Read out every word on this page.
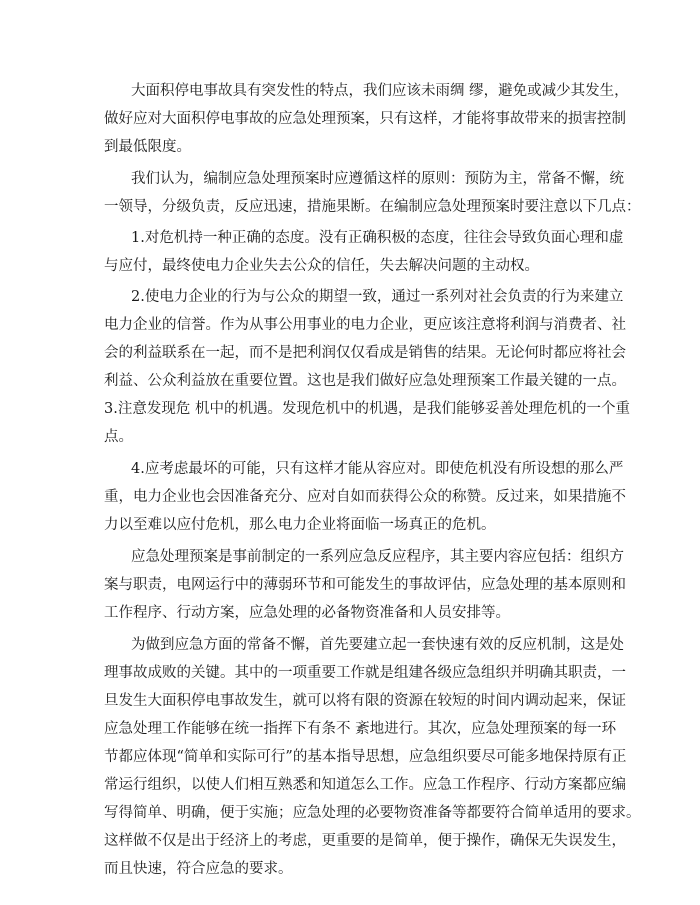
大面积停电事故具有突发性的特点，我们应该未雨绸 缪，避免或减少其发生，
做好应对大面积停电事故的应急处理预案，只有这样，才能将事故带来的损害控制
到最低限度。
我们认为，编制应急处理预案时应遵循这样的原则：预防为主，常备不懈，统
一领导，分级负责，反应迅速，措施果断。在编制应急处理预案时要注意以下几点：
1.对危机持一种正确的态度。没有正确积极的态度，往往会导致负面心理和虚
与应付，最终使电力企业失去公众的信任，失去解决问题的主动权。
2.使电力企业的行为与公众的期望一致，通过一系列对社会负责的行为来建立
电力企业的信誉。作为从事公用事业的电力企业，更应该注意将利润与消费者、社
会的利益联系在一起，而不是把利润仅仅看成是销售的结果。无论何时都应将社会
利益、公众利益放在重要位置。这也是我们做好应急处理预案工作最关键的一点。
3.注意发现危 机中的机遇。发现危机中的机遇，是我们能够妥善处理危机的一个重
点。
4.应考虑最坏的可能，只有这样才能从容应对。即使危机没有所设想的那么严
重，电力企业也会因准备充分、应对自如而获得公众的称赞。反过来，如果措施不
力以至难以应付危机，那么电力企业将面临一场真正的危机。
应急处理预案是事前制定的一系列应急反应程序，其主要内容应包括：组织方
案与职责，电网运行中的薄弱环节和可能发生的事故评估，应急处理的基本原则和
工作程序、行动方案，应急处理的必备物资准备和人员安排等。
为做到应急方面的常备不懈，首先要建立起一套快速有效的反应机制，这是处
理事故成败的关键。其中的一项重要工作就是组建各级应急组织并明确其职责，一
旦发生大面积停电事故发生，就可以将有限的资源在较短的时间内调动起来，保证
应急处理工作能够在统一指挥下有条不 紊地进行。其次，应急处理预案的每一环
节都应体现“简单和实际可行”的基本指导思想，应急组织要尽可能多地保持原有正
常运行组织，以使人们相互熟悉和知道怎么工作。应急工作程序、行动方案都应编
写得简单、明确，便于实施；应急处理的必要物资准备等都要符合简单适用的要求。
这样做不仅是出于经济上的考虑，更重要的是简单，便于操作，确保无失误发生，
而且快速，符合应急的要求。
